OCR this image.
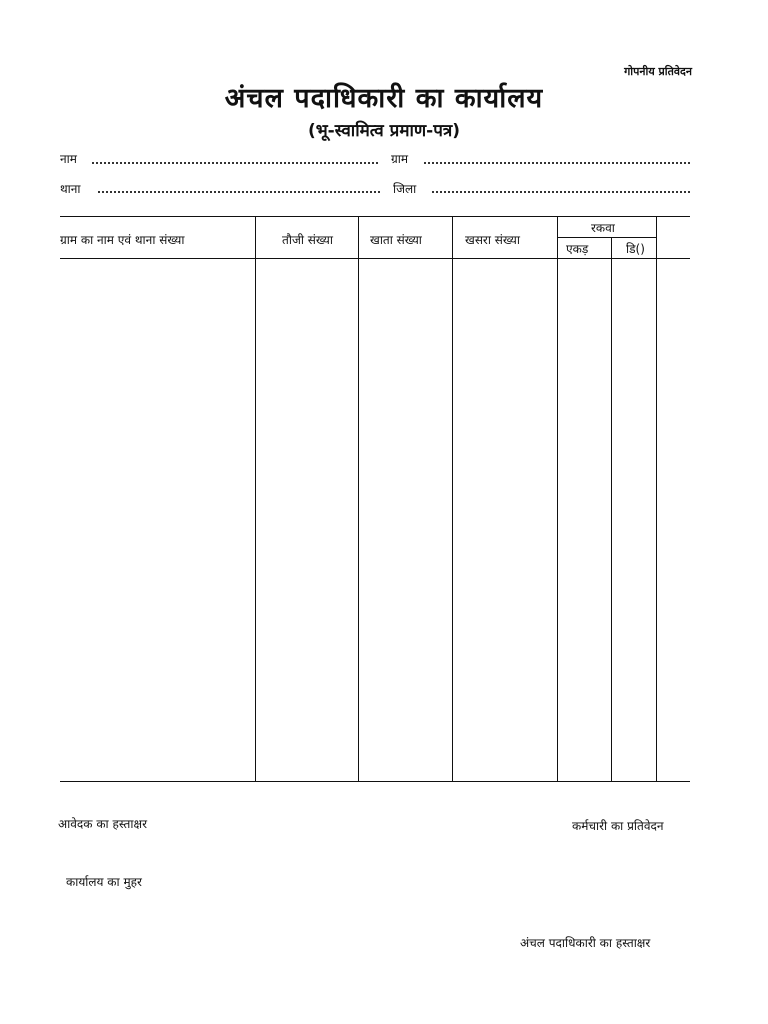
गोपनीय प्रतिवेदन
अंचल पदाधिकारी का कार्यालय
(भू-स्वामित्व प्रमाण-पत्र)
नाम	ग्राम
थाना	जिला
ग्राम का नाम एवं थाना संख्या	तौजी संख्या	खाता संख्या	खसरा संख्या
रकवा
एकड़	डि()
आवेदक का हस्ताक्षर	कर्मचारी का प्रतिवेदन
कार्यालय का मुहर
अंचल पदाधिकारी का हस्ताक्षर
